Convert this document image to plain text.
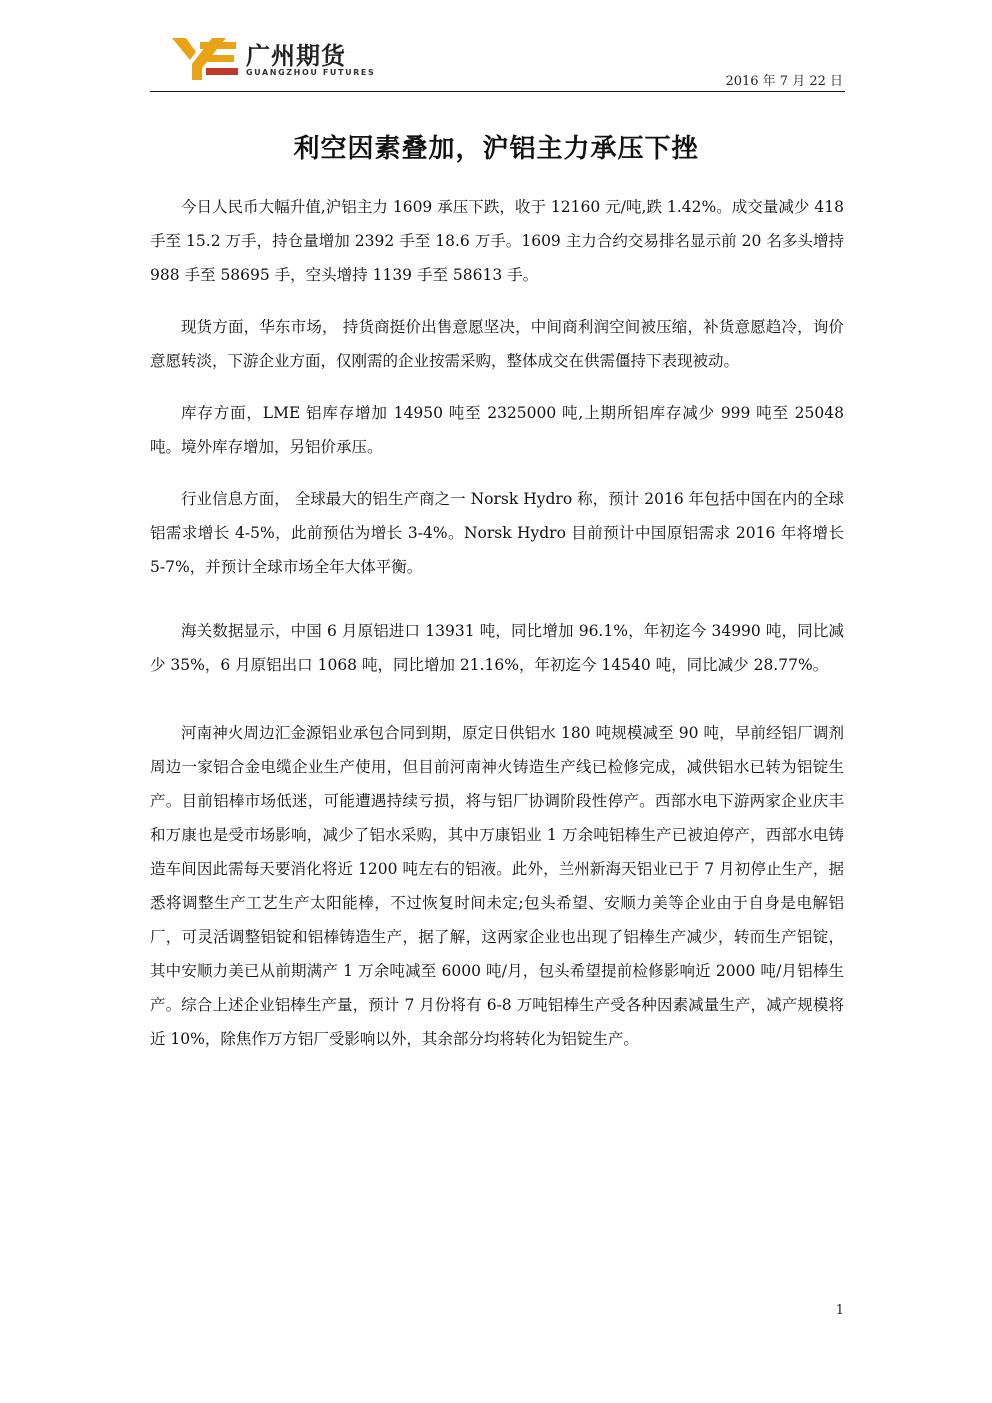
广州期货
GUANGZHOU FUTURES
2016 年 7 月 22 日
利空因素叠加，沪铝主力承压下挫

今日人民币大幅升值,沪铝主力 1609 承压下跌，收于 12160 元/吨,跌 1.42%。成交量减少 418 手至 15.2 万手，持仓量增加 2392 手至 18.6 万手。1609 主力合约交易排名显示前 20 名多头增持 988 手至 58695 手，空头增持 1139 手至 58613 手。

现货方面，华东市场， 持货商挺价出售意愿坚决，中间商利润空间被压缩，补货意愿趋冷，询价意愿转淡，下游企业方面，仅刚需的企业按需采购，整体成交在供需僵持下表现被动。

库存方面，LME 铝库存增加 14950 吨至 2325000 吨,上期所铝库存减少 999 吨至 25048 吨。境外库存增加，另铝价承压。

行业信息方面， 全球最大的铝生产商之一 Norsk Hydro 称，预计 2016 年包括中国在内的全球铝需求增长 4-5%，此前预估为增长 3-4%。Norsk Hydro 目前预计中国原铝需求 2016 年将增长 5-7%，并预计全球市场全年大体平衡。

海关数据显示，中国 6 月原铝进口 13931 吨，同比增加 96.1%，年初迄今 34990 吨，同比减少 35%，6 月原铝出口 1068 吨，同比增加 21.16%，年初迄今 14540 吨，同比减少 28.77%。

河南神火周边汇金源铝业承包合同到期，原定日供铝水 180 吨规模减至 90 吨，早前经铝厂调剂周边一家铝合金电缆企业生产使用，但目前河南神火铸造生产线已检修完成，减供铝水已转为铝锭生产。目前铝棒市场低迷，可能遭遇持续亏损，将与铝厂协调阶段性停产。西部水电下游两家企业庆丰和万康也是受市场影响，减少了铝水采购，其中万康铝业 1 万余吨铝棒生产已被迫停产，西部水电铸造车间因此需每天要消化将近 1200 吨左右的铝液。此外，兰州新海天铝业已于 7 月初停止生产，据悉将调整生产工艺生产太阳能棒，不过恢复时间未定;包头希望、安顺力美等企业由于自身是电解铝厂，可灵活调整铝锭和铝棒铸造生产，据了解，这两家企业也出现了铝棒生产减少，转而生产铝锭，其中安顺力美已从前期满产 1 万余吨减至 6000 吨/月，包头希望提前检修影响近 2000 吨/月铝棒生产。综合上述企业铝棒生产量，预计 7 月份将有 6-8 万吨铝棒生产受各种因素减量生产，减产规模将近 10%，除焦作万方铝厂受影响以外，其余部分均将转化为铝锭生产。

1
